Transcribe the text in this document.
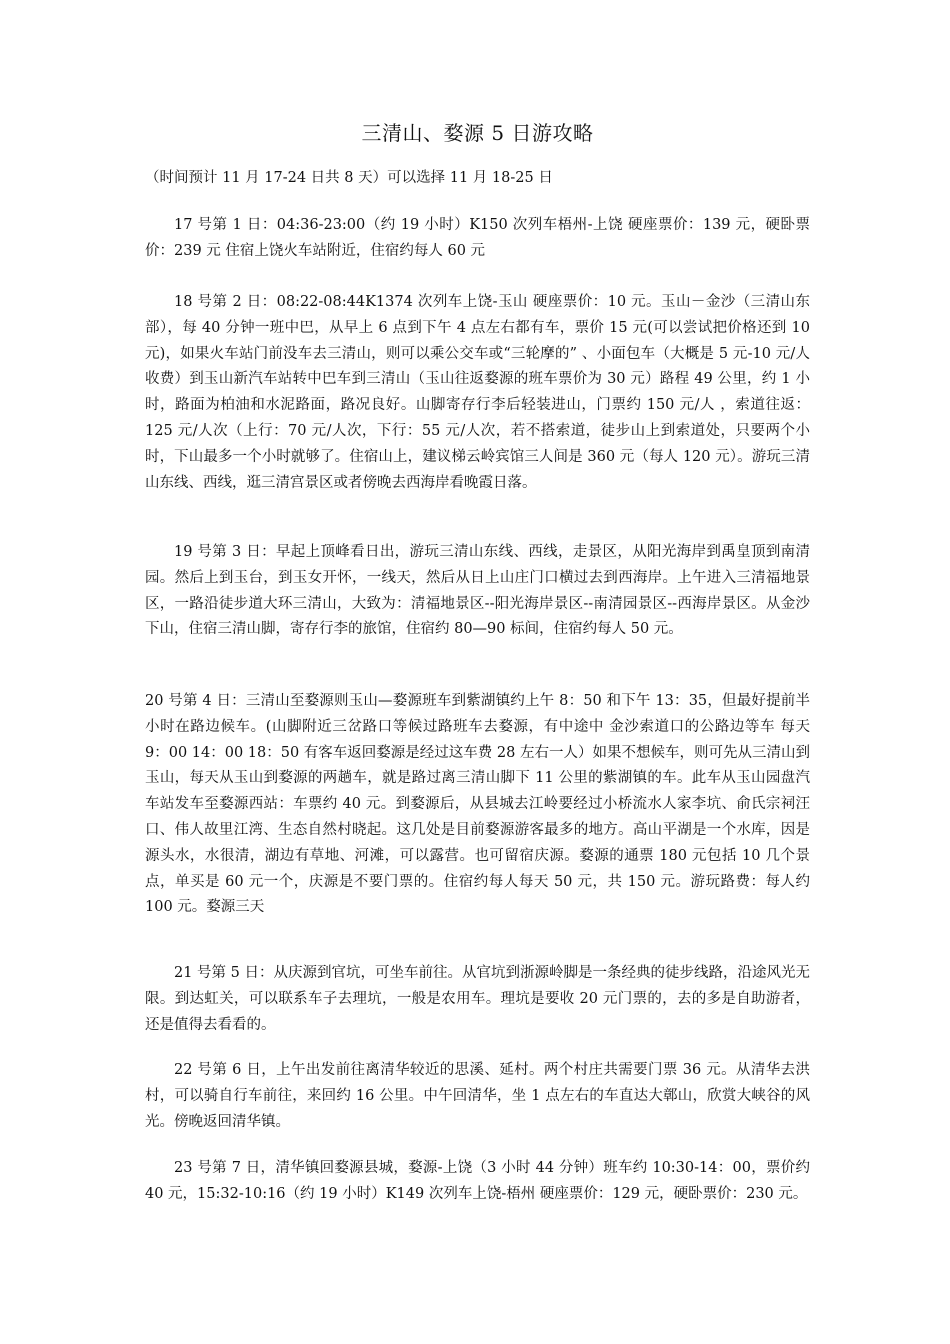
三清山、婺源 5 日游攻略
（时间预计 11 月 17-24 日共 8 天）可以选择 11 月 18-25 日

17 号第 1 日：04:36-23:00（约 19 小时）K150 次列车梧州-上饶 硬座票价：139 元，硬卧票价：239 元 住宿上饶火车站附近，住宿约每人 60 元

18 号第 2 日：08:22-08:44K1374 次列车上饶-玉山 硬座票价：10 元。玉山－金沙（三清山东部），每 40 分钟一班中巴，从早上 6 点到下午 4 点左右都有车，票价 15 元(可以尝试把价格还到 10 元)，如果火车站门前没车去三清山，则可以乘公交车或“三轮摩的” 、小面包车（大概是 5 元-10 元/人收费）到玉山新汽车站转中巴车到三清山（玉山往返婺源的班车票价为 30 元）路程 49 公里，约 1 小时，路面为柏油和水泥路面，路况良好。山脚寄存行李后轻装进山，门票约 150 元/人 ，索道往返：125 元/人次（上行：70 元/人次，下行：55 元/人次，若不搭索道，徒步山上到索道处，只要两个小时，下山最多一个小时就够了。住宿山上，建议梯云岭宾馆三人间是 360 元（每人 120 元）。游玩三清山东线、西线，逛三清宫景区或者傍晚去西海岸看晚霞日落。

19 号第 3 日：早起上顶峰看日出，游玩三清山东线、西线，走景区，从阳光海岸到禹皇顶到南清园。然后上到玉台，到玉女开怀，一线天，然后从日上山庄门口横过去到西海岸。上午进入三清福地景区，一路沿徒步道大环三清山，大致为：清福地景区--阳光海岸景区--南清园景区--西海岸景区。从金沙下山，住宿三清山脚，寄存行李的旅馆，住宿约 80—90 标间，住宿约每人 50 元。

20 号第 4 日：三清山至婺源则玉山—婺源班车到紫湖镇约上午 8：50 和下午 13：35，但最好提前半小时在路边候车。(山脚附近三岔路口等候过路班车去婺源，有中途中 金沙索道口的公路边等车 每天 9：00 14：00 18：50 有客车返回婺源是经过这车费 28 左右一人）如果不想候车，则可先从三清山到玉山，每天从玉山到婺源的两趟车，就是路过离三清山脚下 11 公里的紫湖镇的车。此车从玉山园盘汽车站发车至婺源西站：车票约 40 元。到婺源后，从县城去江岭要经过小桥流水人家李坑、俞氏宗祠汪口、伟人故里江湾、生态自然村晓起。这几处是目前婺源游客最多的地方。高山平湖是一个水库，因是源头水，水很清，湖边有草地、河滩，可以露营。也可留宿庆源。婺源的通票 180 元包括 10 几个景点，单买是 60 元一个，庆源是不要门票的。住宿约每人每天 50 元，共 150 元。游玩路费：每人约 100 元。婺源三天

21 号第 5 日：从庆源到官坑，可坐车前往。从官坑到浙源岭脚是一条经典的徒步线路，沿途风光无限。到达虹关，可以联系车子去理坑，一般是农用车。理坑是要收 20 元门票的，去的多是自助游者，还是值得去看看的。

22 号第 6 日，上午出发前往离清华较近的思溪、延村。两个村庄共需要门票 36 元。从清华去洪村，可以骑自行车前往，来回约 16 公里。中午回清华，坐 1 点左右的车直达大鄣山，欣赏大峡谷的风光。傍晚返回清华镇。

23 号第 7 日，清华镇回婺源县城，婺源-上饶（3 小时 44 分钟）班车约 10:30-14：00，票价约 40 元，15:32-10:16（约 19 小时）K149 次列车上饶-梧州 硬座票价：129 元，硬卧票价：230 元。
